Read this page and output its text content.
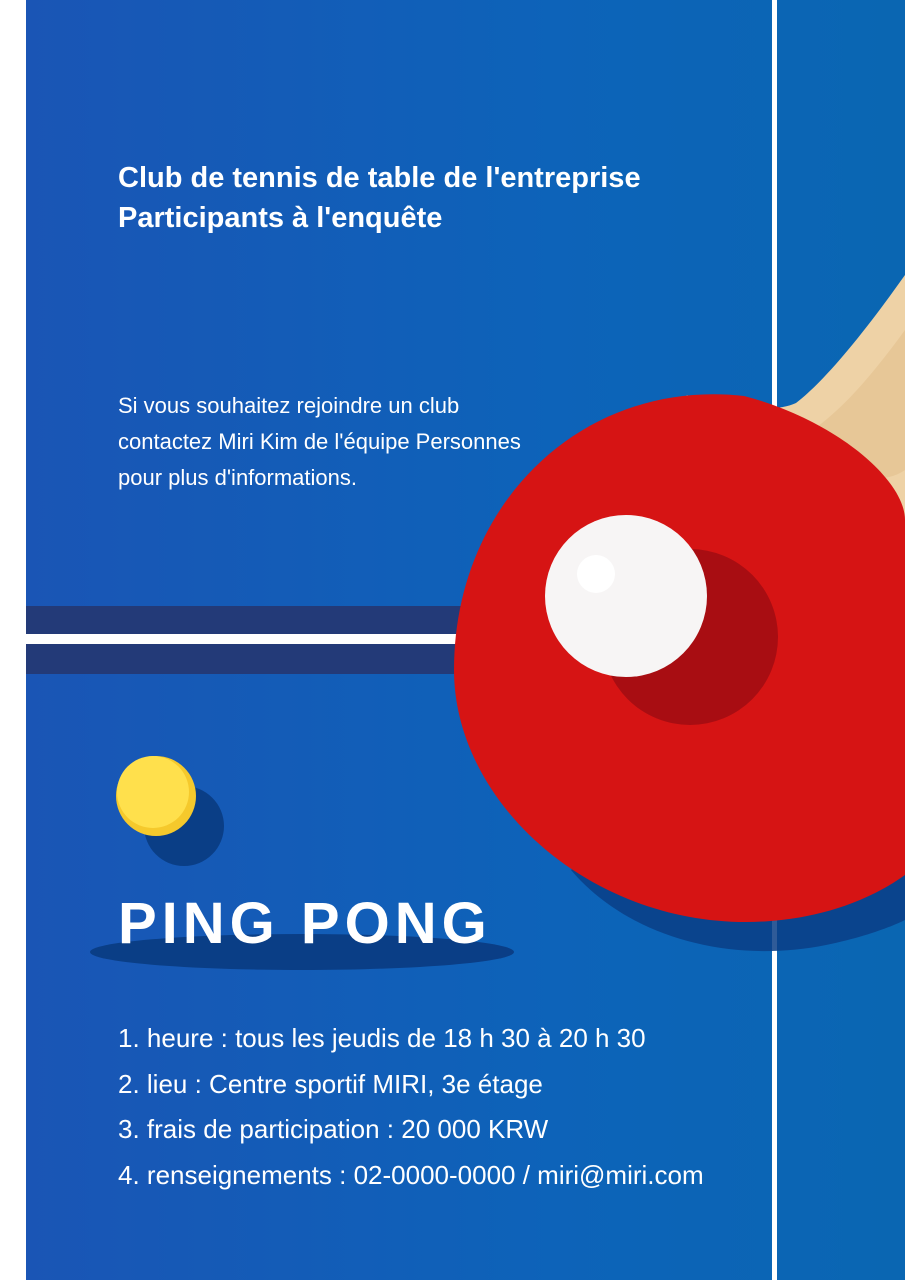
Club de tennis de table de l'entreprise
Participants à l'enquête

Si vous souhaitez rejoindre un club
contactez Miri Kim de l'équipe Personnes
pour plus d'informations.

PING PONG
1. heure : tous les jeudis de 18 h 30 à 20 h 30
2. lieu : Centre sportif MIRI, 3e étage
3. frais de participation : 20 000 KRW
4. renseignements : 02-0000-0000 / miri@miri.com
